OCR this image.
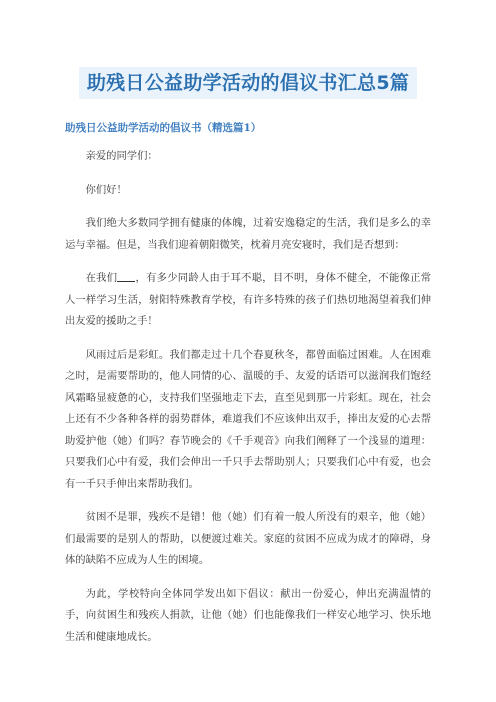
助残日公益助学活动的倡议书汇总5篇
助残日公益助学活动的倡议书（精选篇1）

亲爱的同学们：

你们好！

我们绝大多数同学拥有健康的体魄，过着安逸稳定的生活，我们是多么的幸运与幸福。但是，当我们迎着朝阳微笑，枕着月亮安寝时，我们是否想到：

在我们 ，有多少同龄人由于耳不聪，目不明，身体不健全，不能像正常人一样学习生活，射阳特殊教育学校，有许多特殊的孩子们热切地渴望着我们伸出友爱的援助之手！

风雨过后是彩虹。我们都走过十几个春夏秋冬，都曾面临过困难。人在困难之时，是需要帮助的，他人同情的心、温暖的手、友爱的话语可以滋润我们饱经风霜略显疲惫的心，支持我们坚强地走下去，直至见到那一片彩虹。现在，社会上还有不少各种各样的弱势群体，难道我们不应该伸出双手，捧出友爱的心去帮助爱护他（她）们吗？春节晚会的《千手观音》向我们阐释了一个浅显的道理：只要我们心中有爱，我们会伸出一千只手去帮助别人；只要我们心中有爱，也会有一千只手伸出来帮助我们。

贫困不是罪，残疾不是错！他（她）们有着一般人所没有的艰辛，他（她）们最需要的是别人的帮助，以便渡过难关。家庭的贫困不应成为成才的障碍，身体的缺陷不应成为人生的困境。

为此，学校特向全体同学发出如下倡议：献出一份爱心，伸出充满温情的手，向贫困生和残疾人捐款，让他（她）们也能像我们一样安心地学习、快乐地生活和健康地成长。
